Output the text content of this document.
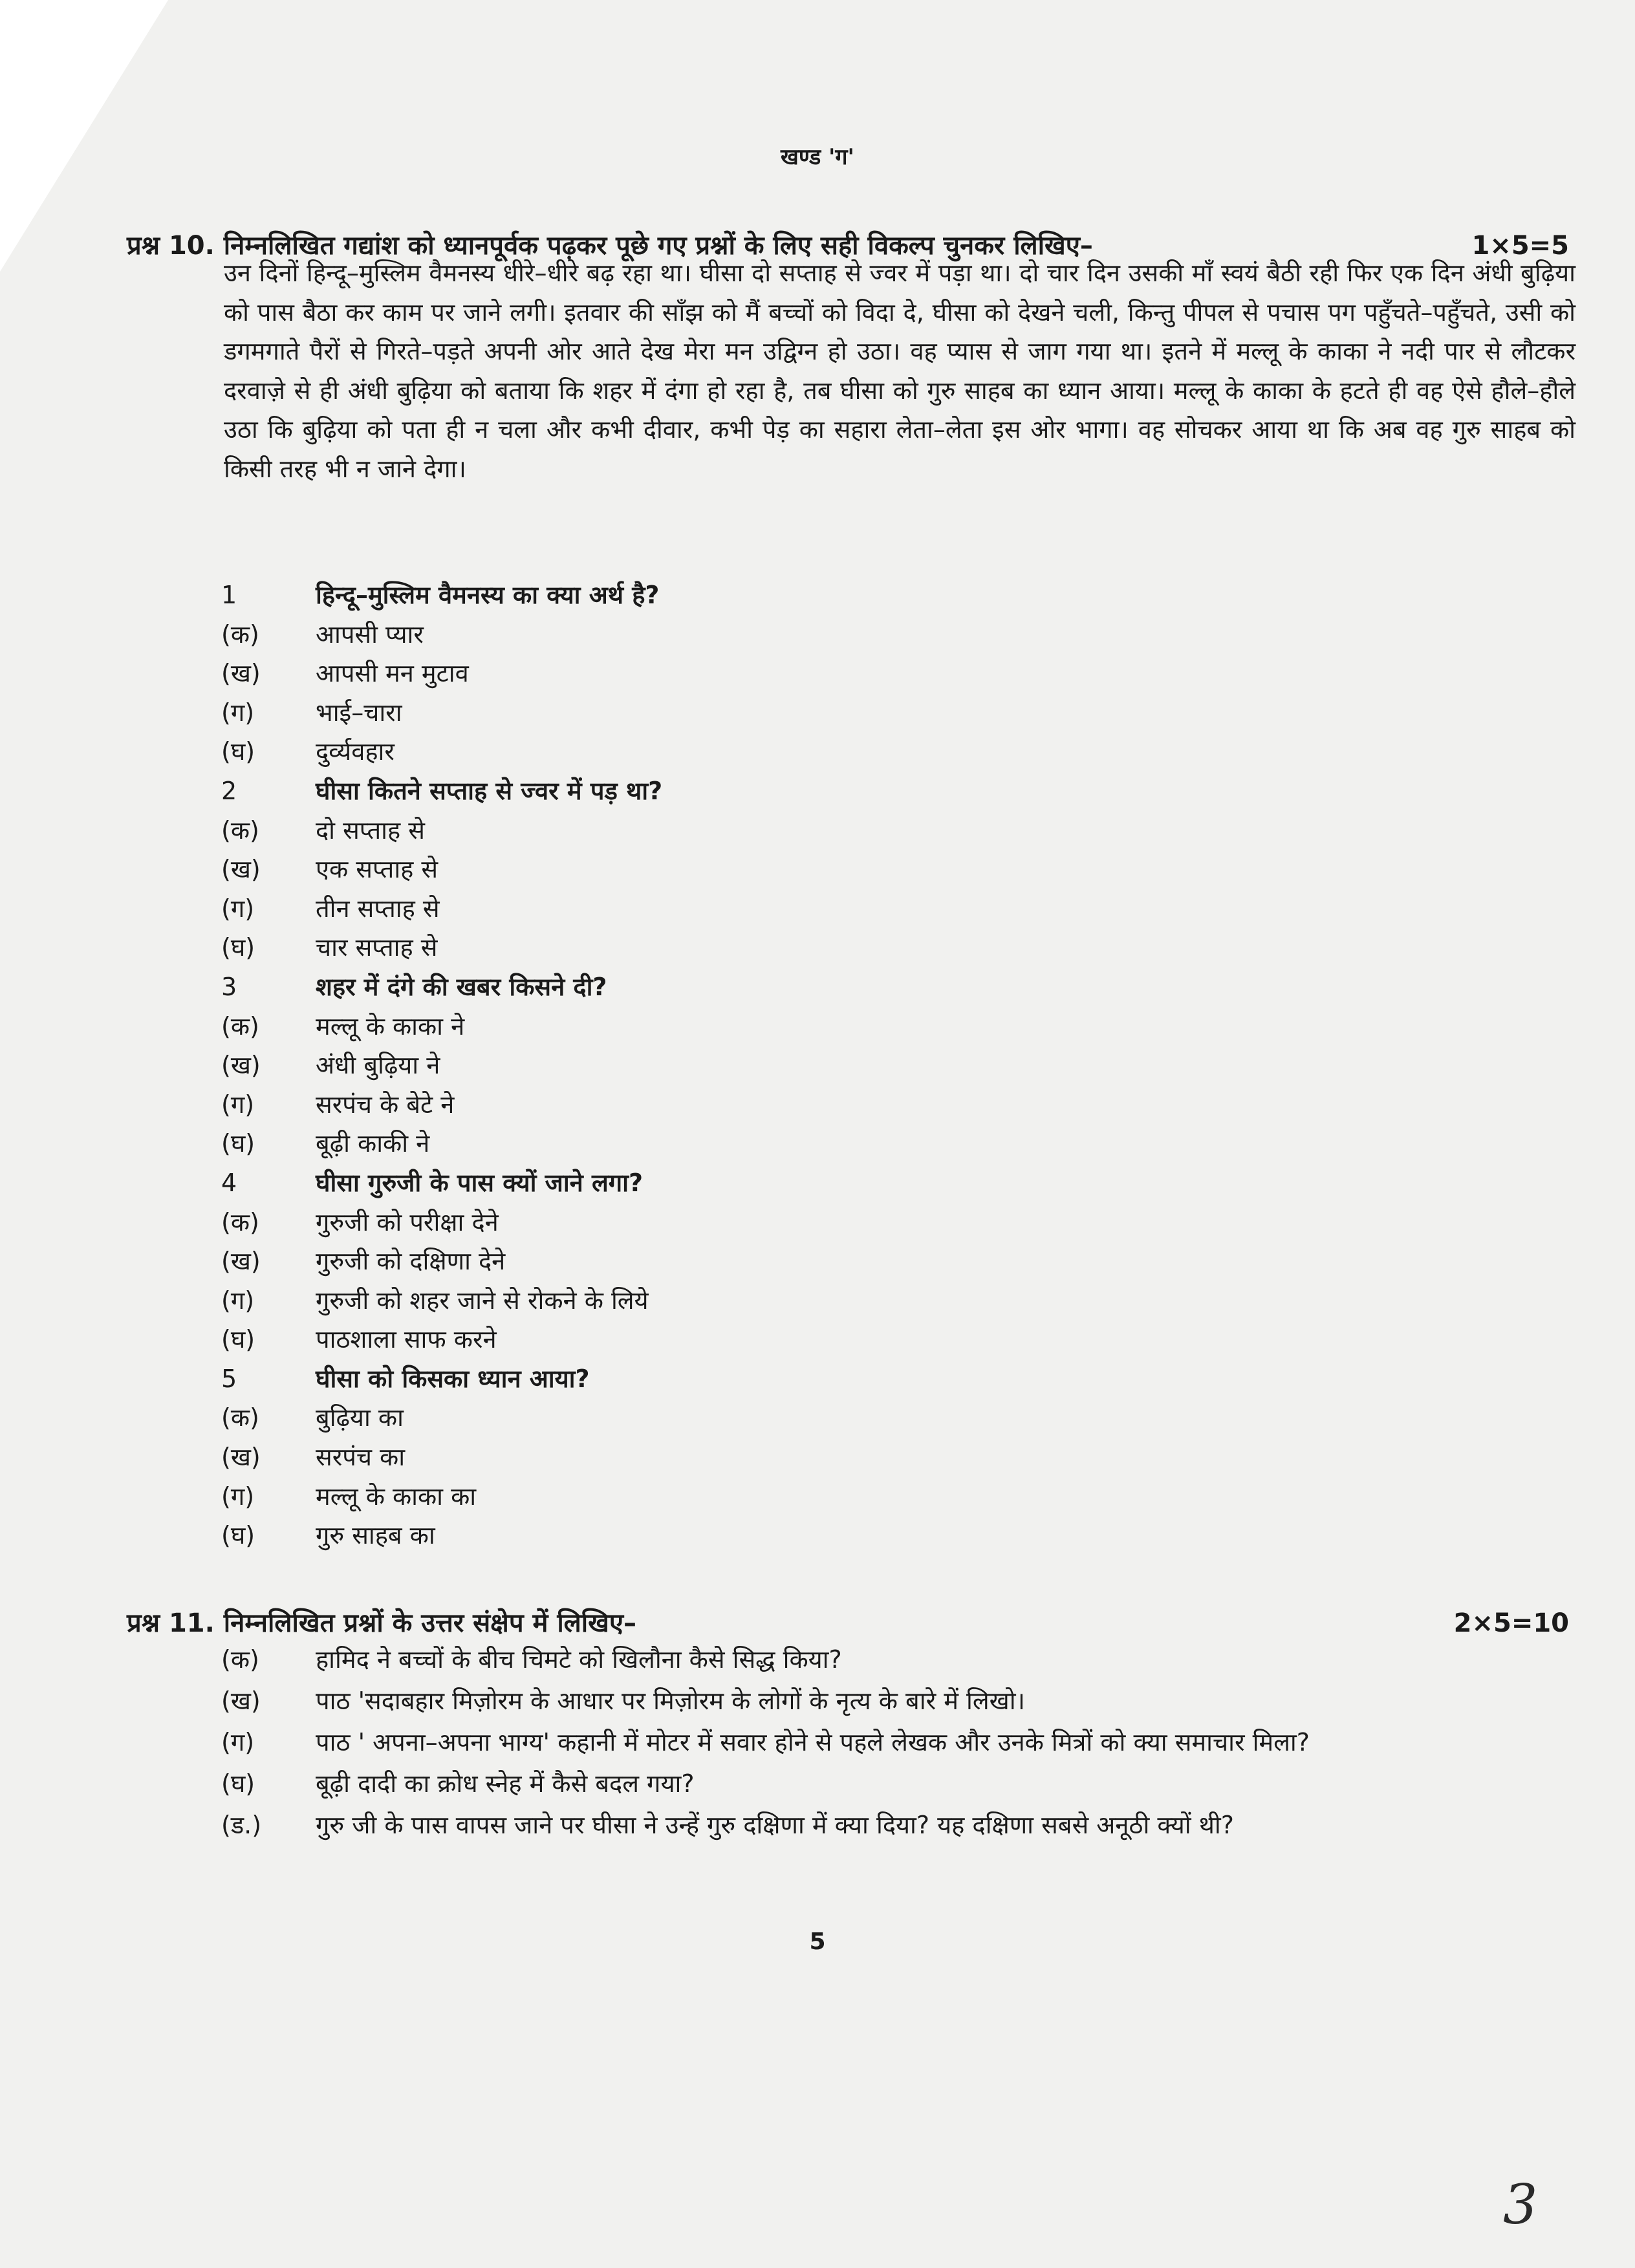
खण्ड 'ग'
प्रश्न 10. निम्नलिखित गद्यांश को ध्यानपूर्वक पढ़कर पूछे गए प्रश्नों के लिए सही विकल्प चुनकर लिखिए–	1×5=5
उन दिनों हिन्दू–मुस्लिम वैमनस्य धीरे–धीरे बढ़ रहा था। घीसा दो सप्ताह से ज्वर में पड़ा था। दो चार दिन उसकी माँ स्वयं बैठी रही फिर एक दिन अंधी बुढ़िया को पास बैठा कर काम पर जाने लगी। इतवार की साँझ को मैं बच्चों को विदा दे, घीसा को देखने चली, किन्तु पीपल से पचास पग पहुँचते–पहुँचते, उसी को डगमगाते पैरों से गिरते–पड़ते अपनी ओर आते देख मेरा मन उद्विग्न हो उठा। वह प्यास से जाग गया था। इतने में मल्लू के काका ने नदी पार से लौटकर दरवाज़े से ही अंधी बुढ़िया को बताया कि शहर में दंगा हो रहा है, तब घीसा को गुरु साहब का ध्यान आया। मल्लू के काका के हटते ही वह ऐसे हौले–हौले उठा कि बुढ़िया को पता ही न चला और कभी दीवार, कभी पेड़ का सहारा लेता–लेता इस ओर भागा। वह सोचकर आया था कि अब वह गुरु साहब को किसी तरह भी न जाने देगा।
1	हिन्दू–मुस्लिम वैमनस्य का क्या अर्थ है?
(क) आपसी प्यार
(ख) आपसी मन मुटाव
(ग) भाई–चारा
(घ) दुर्व्यवहार
2	घीसा कितने सप्ताह से ज्वर में पड़ था?
(क) दो सप्ताह से
(ख) एक सप्ताह से
(ग) तीन सप्ताह से
(घ) चार सप्ताह से
3	शहर में दंगे की खबर किसने दी?
(क) मल्लू के काका ने
(ख) अंधी बुढ़िया ने
(ग) सरपंच के बेटे ने
(घ) बूढ़ी काकी ने
4	घीसा गुरुजी के पास क्यों जाने लगा?
(क) गुरुजी को परीक्षा देने
(ख) गुरुजी को दक्षिणा देने
(ग) गुरुजी को शहर जाने से रोकने के लिये
(घ) पाठशाला साफ करने
5	घीसा को किसका ध्यान आया?
(क) बुढ़िया का
(ख) सरपंच का
(ग) मल्लू के काका का
(घ) गुरु साहब का
प्रश्न 11. निम्नलिखित प्रश्नों के उत्तर संक्षेप में लिखिए–	2×5=10
(क) हामिद ने बच्चों के बीच चिमटे को खिलौना कैसे सिद्ध किया?
(ख) पाठ 'सदाबहार मिज़ोरम के आधार पर मिज़ोरम के लोगों के नृत्य के बारे में लिखो।
(ग) पाठ ' अपना–अपना भाग्य' कहानी में मोटर में सवार होने से पहले लेखक और उनके मित्रों को क्या समाचार मिला?
(घ) बूढ़ी दादी का क्रोध स्नेह में कैसे बदल गया?
(ड.) गुरु जी के पास वापस जाने पर घीसा ने उन्हें गुरु दक्षिणा में क्या दिया? यह दक्षिणा सबसे अनूठी क्यों थी?
5
3
